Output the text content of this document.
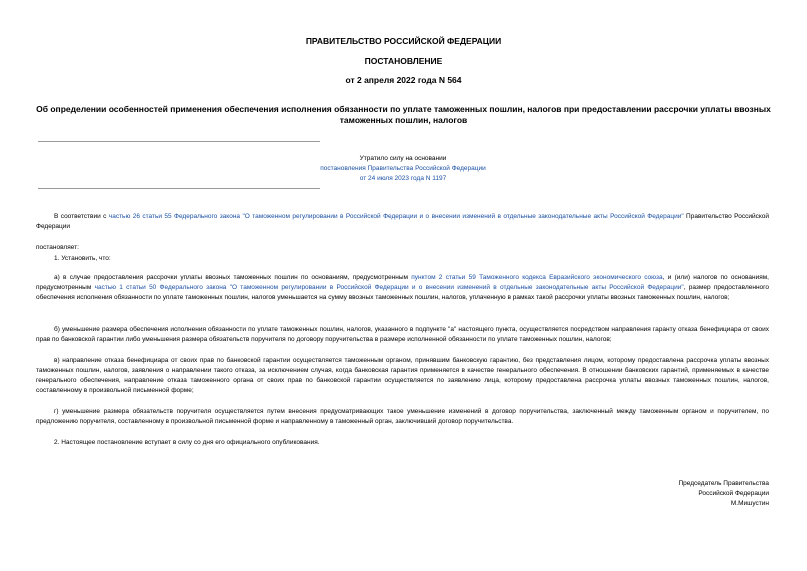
ПРАВИТЕЛЬСТВО РОССИЙСКОЙ ФЕДЕРАЦИИ
ПОСТАНОВЛЕНИЕ
от 2 апреля 2022 года N 564
Об определении особенностей применения обеспечения исполнения обязанности по уплате таможенных пошлин, налогов при предоставлении рассрочки уплаты ввозных таможенных пошлин, налогов
Утратило силу на основании
постановления Правительства Российской Федерации
от 24 июля 2023 года N 1197
В соответствии с частью 26 статьи 55 Федерального закона "О таможенном регулировании в Российской Федерации и о внесении изменений в отдельные законодательные акты Российской Федерации" Правительство Российской Федерации
постановляет:
1. Установить, что:
а) в случае предоставления рассрочки уплаты ввозных таможенных пошлин по основаниям, предусмотренным пунктом 2 статьи 59 Таможенного кодекса Евразийского экономического союза, и (или) налогов по основаниям, предусмотренным частью 1 статьи 50 Федерального закона "О таможенном регулировании в Российской Федерации и о внесении изменений в отдельные законодательные акты Российской Федерации", размер предоставленного обеспечения исполнения обязанности по уплате таможенных пошлин, налогов уменьшается на сумму ввозных таможенных пошлин, налогов, уплаченную в рамках такой рассрочки уплаты ввозных таможенных пошлин, налогов;
б) уменьшение размера обеспечения исполнения обязанности по уплате таможенных пошлин, налогов, указанного в подпункте "а" настоящего пункта, осуществляется посредством направления гаранту отказа бенефициара от своих прав по банковской гарантии либо уменьшения размера обязательств поручителя по договору поручительства в размере исполненной обязанности по уплате таможенных пошлин, налогов;
в) направление отказа бенефициара от своих прав по банковской гарантии осуществляется таможенным органом, принявшим банковскую гарантию, без представления лицом, которому предоставлена рассрочка уплаты ввозных таможенных пошлин, налогов, заявления о направлении такого отказа, за исключением случая, когда банковская гарантия применяется в качестве генерального обеспечения. В отношении банковских гарантий, применяемых в качестве генерального обеспечения, направление отказа таможенного органа от своих прав по банковской гарантии осуществляется по заявлению лица, которому предоставлена рассрочка уплаты ввозных таможенных пошлин, налогов, составленному в произвольной письменной форме;
г) уменьшение размера обязательств поручителя осуществляется путем внесения предусматривающих такое уменьшение изменений в договор поручительства, заключенный между таможенным органом и поручителем, по предложению поручителя, составленному в произвольной письменной форме и направленному в таможенный орган, заключивший договор поручительства.
2. Настоящее постановление вступает в силу со дня его официального опубликования.
Председатель Правительства
Российской Федерации
М.Мишустин
